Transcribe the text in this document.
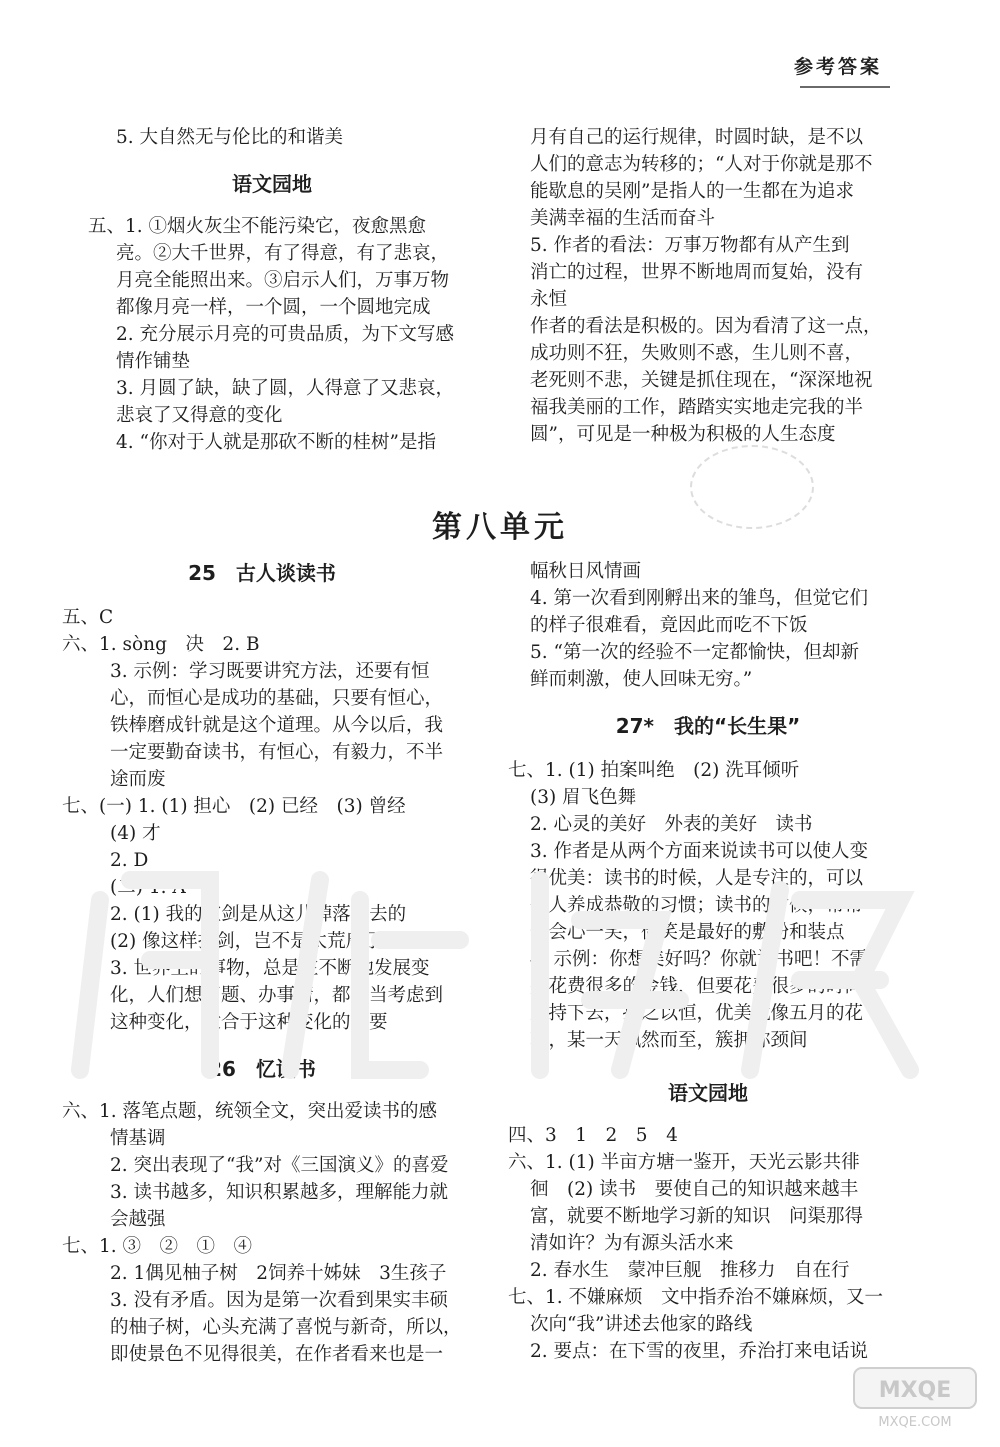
参考答案
5. 大自然无与伦比的和谐美
语文园地
五、1. ①烟火灰尘不能污染它，夜愈黑愈
亮。②大千世界，有了得意，有了悲哀，
月亮全能照出来。③启示人们，万事万物
都像月亮一样，一个圆，一个圆地完成
2. 充分展示月亮的可贵品质，为下文写感
情作铺垫
3. 月圆了缺，缺了圆，人得意了又悲哀，
悲哀了又得意的变化
4. “你对于人就是那砍不断的桂树”是指
月有自己的运行规律，时圆时缺，是不以
人们的意志为转移的；“人对于你就是那不
能歇息的吴刚”是指人的一生都在为追求
美满幸福的生活而奋斗
5. 作者的看法：万事万物都有从产生到
消亡的过程，世界不断地周而复始，没有
永恒
作者的看法是积极的。因为看清了这一点，
成功则不狂，失败则不惑，生儿则不喜，
老死则不悲，关键是抓住现在，“深深地祝
福我美丽的工作，踏踏实实地走完我的半
圆”，可见是一种极为积极的人生态度
第八单元
25　古人谈读书
五、C
六、1. sòng　决　2. B
3. 示例：学习既要讲究方法，还要有恒
心，而恒心是成功的基础，只要有恒心，
铁棒磨成针就是这个道理。从今以后，我
一定要勤奋读书，有恒心，有毅力，不半
途而废
七、(一) 1. (1) 担心　(2) 已经　(3) 曾经
(4) 才
2. D
(二) 1. A
2. (1) 我的宝剑是从这儿掉落下去的
(2) 像这样找剑，岂不是太荒唐了吗？
3. 世界上的事物，总是在不断地发展变
化，人们想问题、办事情，都应当考虑到
这种变化，适合于这种变化的需要
26　忆读书
六、1. 落笔点题，统领全文，突出爱读书的感
情基调
2. 突出表现了“我”对《三国演义》的喜爱
3. 读书越多，知识积累越多，理解能力就
会越强
七、1. ③　②　①　④
2. 1偶见柚子树　2饲养十姊妹　3生孩子
3. 没有矛盾。因为是第一次看到果实丰硕
的柚子树，心头充满了喜悦与新奇，所以，
即使景色不见得很美，在作者看来也是一
幅秋日风情画
4. 第一次看到刚孵出来的雏鸟，但觉它们
的样子很难看，竟因此而吃不下饭
5. “第一次的经验不一定都愉快，但却新
鲜而刺激，使人回味无穷。”
27*　我的“长生果”
七、1. (1) 拍案叫绝　(2) 洗耳倾听
(3) 眉飞色舞
2. 心灵的美好　外表的美好　读书
3. 作者是从两个方面来说读书可以使人变
得优美：读书的时候，人是专注的，可以
使人养成恭敬的习惯；读书的时候，常常
会会心一笑，微笑是最好的敷粉和装点
4. 示例：你想美好吗？你就读书吧！不需
要花费很多的金钱，但要花费很多的时间
坚持下去，持之以恒，优美就像五月的花
环，某一天飘然而至，簇拥你颈间
语文园地
四、3　1　2　5　4
六、1. (1) 半亩方塘一鉴开，天光云影共徘
徊　(2) 读书　要使自己的知识越来越丰
富，就要不断地学习新的知识　问渠那得
清如许？为有源头活水来
2. 春水生　蒙冲巨舰　推移力　自在行
七、1. 不嫌麻烦　文中指乔治不嫌麻烦，又一
次向“我”讲述去他家的路线
2. 要点：在下雪的夜里，乔治打来电话说
MXQE
MXQE.COM
